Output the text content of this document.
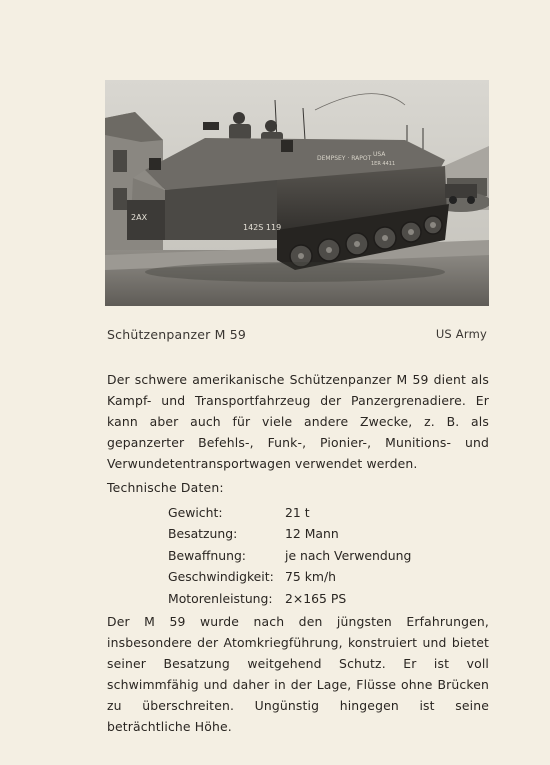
DEMPSEY · RAPOT
USA
1ER 4411
2AX
142S 119
Schützenpanzer M 59	US Army

Der schwere amerikanische Schützenpanzer M 59 dient als Kampf- und Transportfahrzeug der Panzergrenadiere. Er kann aber auch für viele andere Zwecke, z. B. als gepanzerter Befehls-, Funk-, Pionier-, Munitions- und Verwundetentransportwagen verwendet werden.

Technische Daten:
Gewicht:	21 t
Besatzung:	12 Mann
Bewaffnung:	je nach Verwendung
Geschwindigkeit: 75 km/h
Motorenleistung: 2×165 PS

Der M 59 wurde nach den jüngsten Erfahrungen, insbesondere der Atomkriegführung, konstruiert und bietet seiner Besatzung weitgehend Schutz. Er ist voll schwimmfähig und daher in der Lage, Flüsse ohne Brücken zu überschreiten. Ungünstig hingegen ist seine beträchtliche Höhe.
